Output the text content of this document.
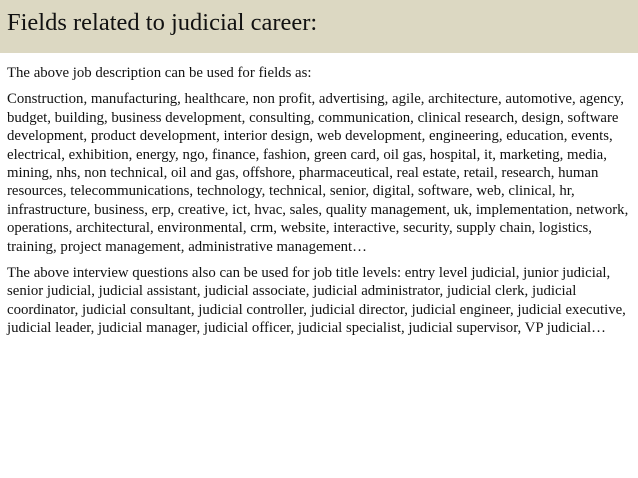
Fields related to judicial career:

The above job description can be used for fields as:

Construction, manufacturing, healthcare, non profit, advertising, agile, architecture, automotive, agency, budget, building, business development, consulting, communication, clinical research, design, software development, product development, interior design, web development, engineering, education, events, electrical, exhibition, energy, ngo, finance, fashion, green card, oil gas, hospital, it, marketing, media, mining, nhs, non technical, oil and gas, offshore, pharmaceutical, real estate, retail, research, human resources, telecommunications, technology, technical, senior, digital, software, web, clinical, hr, infrastructure, business, erp, creative, ict, hvac, sales, quality management, uk, implementation, network, operations, architectural, environmental, crm, website, interactive, security, supply chain, logistics, training, project management, administrative management…

The above interview questions also can be used for job title levels: entry level judicial, junior judicial, senior judicial, judicial assistant, judicial associate, judicial administrator, judicial clerk, judicial coordinator, judicial consultant, judicial controller, judicial director, judicial engineer, judicial executive, judicial leader, judicial manager, judicial officer, judicial specialist, judicial supervisor, VP judicial…
